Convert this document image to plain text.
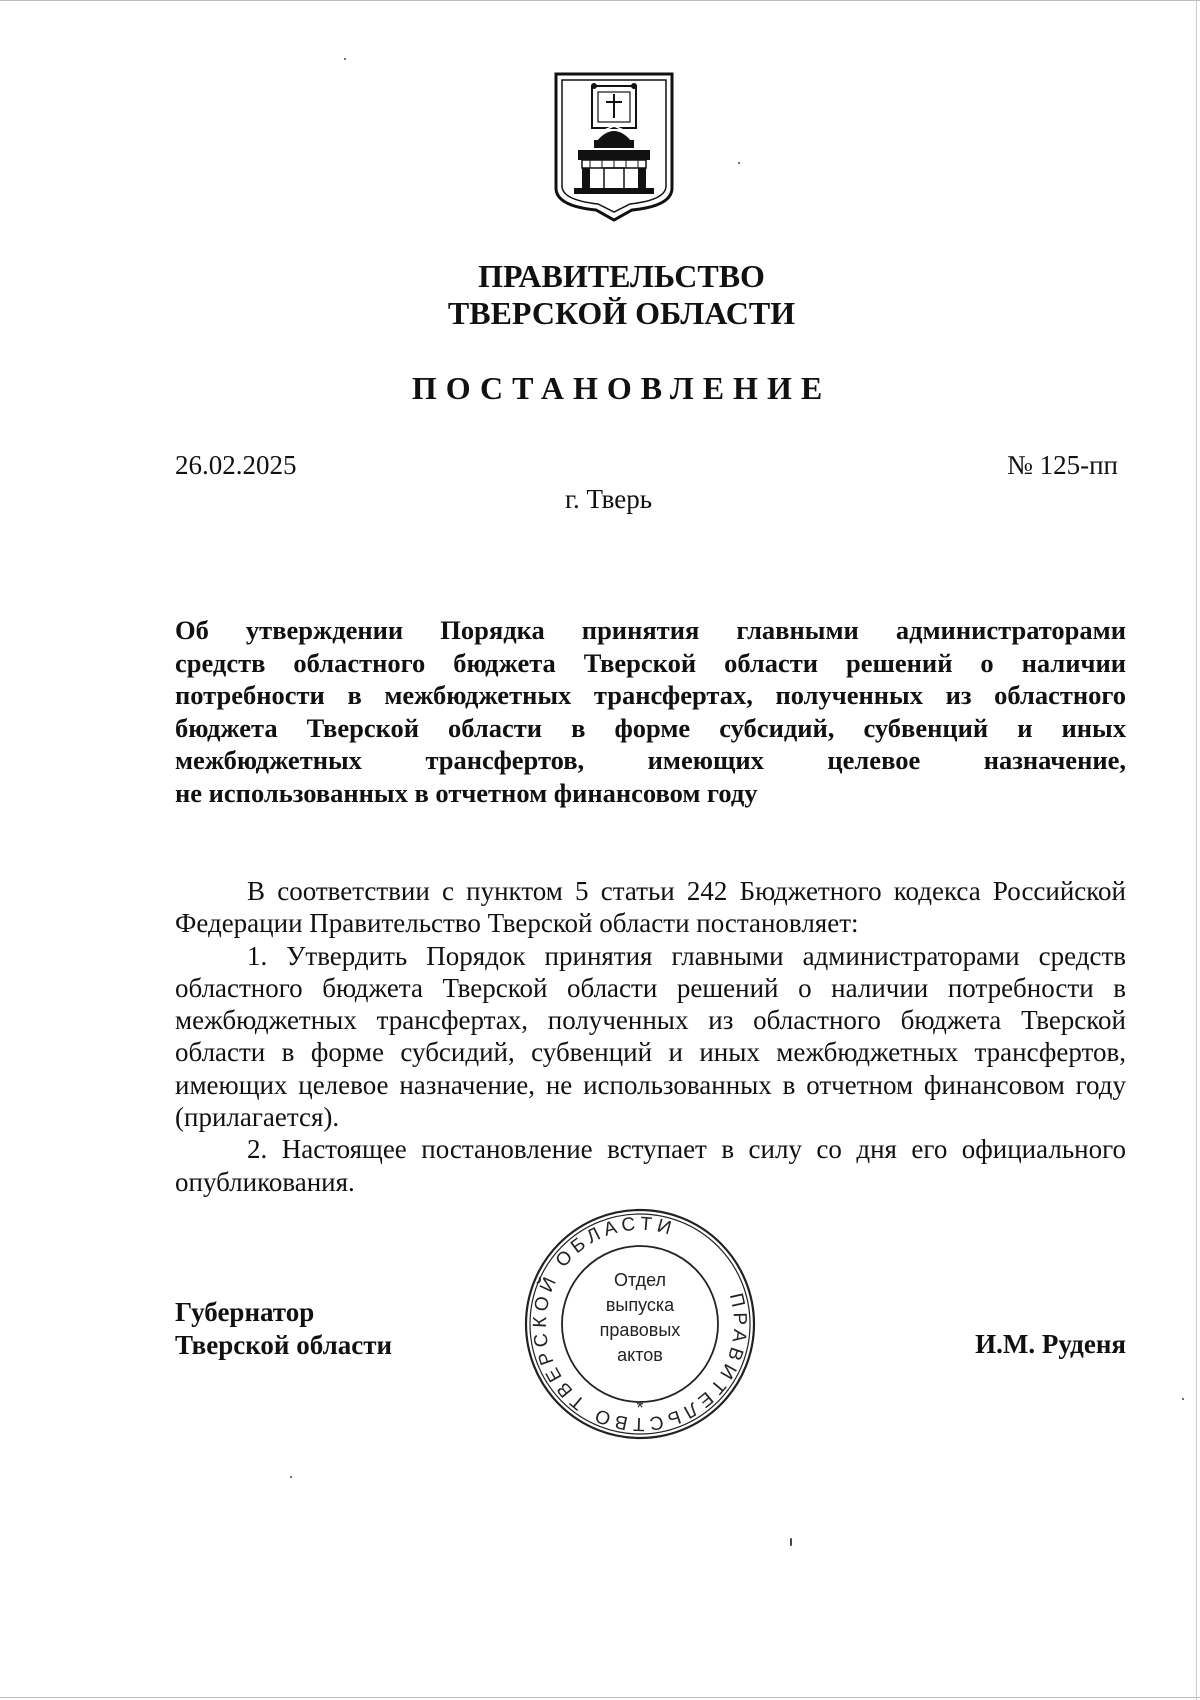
ПРАВИТЕЛЬСТВО
ТВЕРСКОЙ ОБЛАСТИ
ПОСТАНОВЛЕНИЕ
26.02.2025	№ 125-пп
г. Тверь
Об утверждении Порядка принятия главными администраторами
средств областного бюджета Тверской области решений о наличии
потребности в межбюджетных трансфертах, полученных из областного
бюджета Тверской области в форме субсидий, субвенций и иных
межбюджетных трансфертов, имеющих целевое назначение,
не использованных в отчетном финансовом году

В соответствии с пунктом 5 статьи 242 Бюджетного кодекса Российской Федерации Правительство Тверской области постановляет:

1. Утвердить Порядок принятия главными администраторами средств областного бюджета Тверской области решений о наличии потребности в межбюджетных трансфертах, полученных из областного бюджета Тверской области в форме субсидий, субвенций и иных межбюджетных трансфертов, имеющих целевое назначение, не использованных в отчетном финансовом году (прилагается).

2. Настоящее постановление вступает в силу со дня его официального опубликования.

Губернатор
Тверской области	И.М. Руденя
ПРАВИТЕЛЬСТВО ТВЕРСКОЙ ОБЛАСТИ
*
Отдел
выпуска
правовых
актов
